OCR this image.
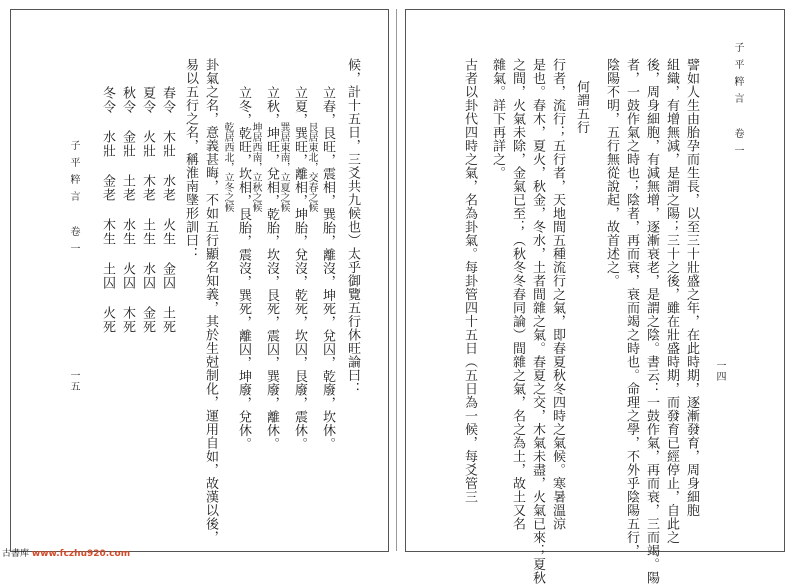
子平粹言 卷一
一四
譬如人生由胎孕而生長，以至三十壯盛之年，在此時期，逐漸發育，周身細胞
組織，有增無減，是謂之陽；三十之後，雖在壯盛時期，而發育已經停止，自此之
後，周身細胞，有減無增，逐漸衰老，是謂之陰。書云：一鼓作氣，再而衰，三而竭。陽
者，一鼓作氣之時也；陰者，再而衰，衰而竭之時也。命理之學，不外乎陰陽五行，
陰陽不明，五行無從說起，故首述之。
何謂五行
行者，流行；五行者，天地間五種流行之氣，即春夏秋冬四時之氣候。寒暑溫涼
是也。春木，夏火，秋金，冬水，土者間雜之氣。春夏之交，木氣未盡，火氣已來；夏秋
之間，火氣未除，金氣已至；（秋冬冬春同論）間雜之氣，名之為土，故土又名
雜氣。詳下再詳之。
古者以卦代四時之氣，名為卦氣。每卦管四十五日（五日為一候，每爻管三
候，計十五日，三爻共九候也）太乎御覽五行休旺論曰：
立春，艮旺，震相，巽胎，離沒，坤死，兌囚，乾廢，坎休。
艮居東北，交春之候
立夏，巽旺，離相，坤胎，兌沒，乾死，坎囚，艮廢，震休。
巽居東南，立夏之候
立秋，坤旺，兌相，乾胎，坎沒，艮死，震囚，巽廢，離休。
坤居西南，立秋之候
立冬，乾旺，坎相，艮胎，震沒，巽死，離囚，坤廢，兌休。
乾居西北，立冬之候
卦氣之名，意義甚晦，不如五行顯名知義，其於生尅制化，運用自如，故漢以後，
易以五行之名，稱淮南墬形訓曰：
春令 木壯 水老 火生 金囚 土死
夏令 火壯 木老 土生 水囚 金死
秋令 金壯 土老 水生 火囚 木死
冬令 水壯 金老 木生 土囚 火死
子平粹言 卷一
一五
古書库 www.fczhu920.com
